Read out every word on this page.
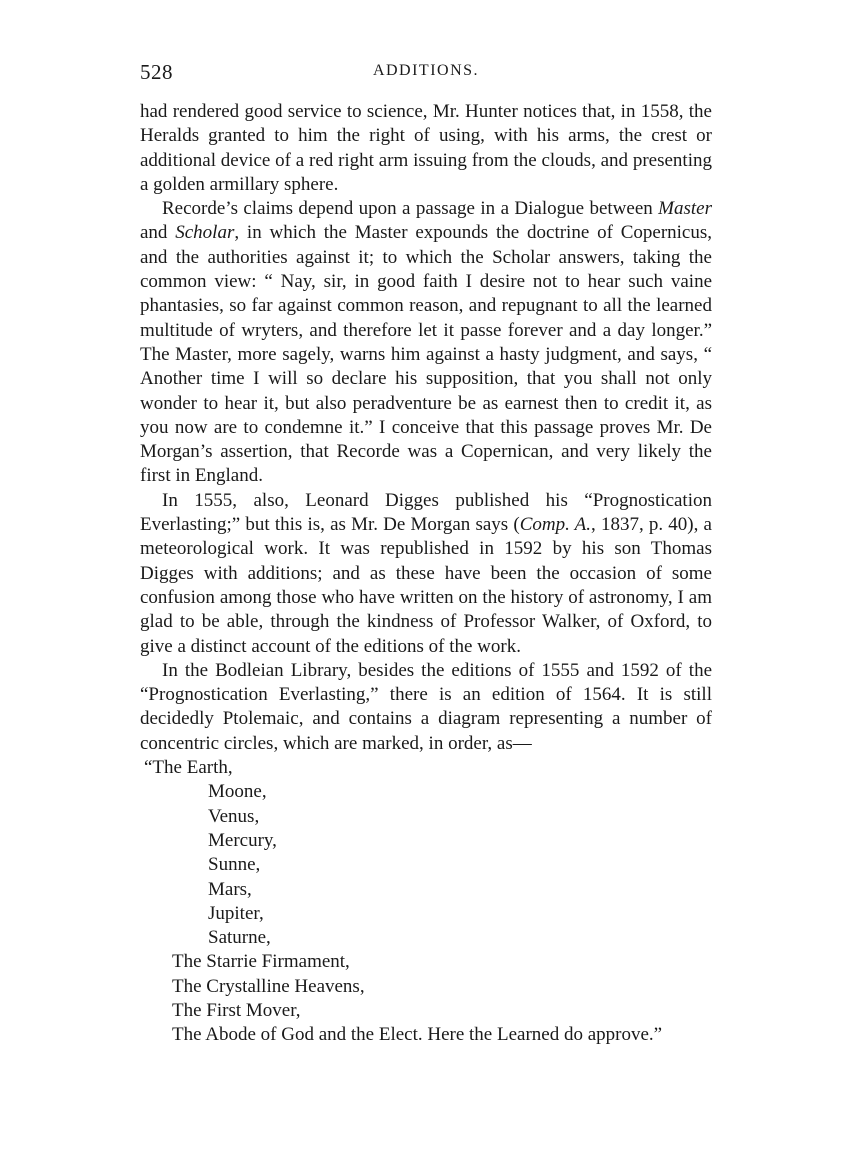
528	ADDITIONS.

had rendered good service to science, Mr. Hunter notices that, in 1558, the Heralds granted to him the right of using, with his arms, the crest or additional device of a red right arm issuing from the clouds, and presenting a golden armillary sphere.

Recorde’s claims depend upon a passage in a Dialogue between Master and Scholar, in which the Master expounds the doctrine of Copernicus, and the authorities against it; to which the Scholar answers, taking the common view: “ Nay, sir, in good faith I desire not to hear such vaine phantasies, so far against common reason, and repugnant to all the learned multitude of wryters, and therefore let it passe forever and a day longer.” The Master, more sagely, warns him against a hasty judgment, and says, “ Another time I will so declare his supposition, that you shall not only wonder to hear it, but also peradventure be as earnest then to credit it, as you now are to condemne it.” I conceive that this passage proves Mr. De Morgan’s assertion, that Recorde was a Copernican, and very likely the first in England.

In 1555, also, Leonard Digges published his “Prognostication Everlasting;” but this is, as Mr. De Morgan says (Comp. A., 1837, p. 40), a meteorological work. It was republished in 1592 by his son Thomas Digges with additions; and as these have been the occasion of some confusion among those who have written on the history of astronomy, I am glad to be able, through the kindness of Professor Walker, of Oxford, to give a distinct account of the editions of the work.

In the Bodleian Library, besides the editions of 1555 and 1592 of the “Prognostication Everlasting,” there is an edition of 1564. It is still decidedly Ptolemaic, and contains a diagram representing a number of concentric circles, which are marked, in order, as—

“The Earth,
Moone,
Venus,
Mercury,
Sunne,
Mars,
Jupiter,
Saturne,
The Starrie Firmament,
The Crystalline Heavens,
The First Mover,
The Abode of God and the Elect. Here the Learned do approve.”
